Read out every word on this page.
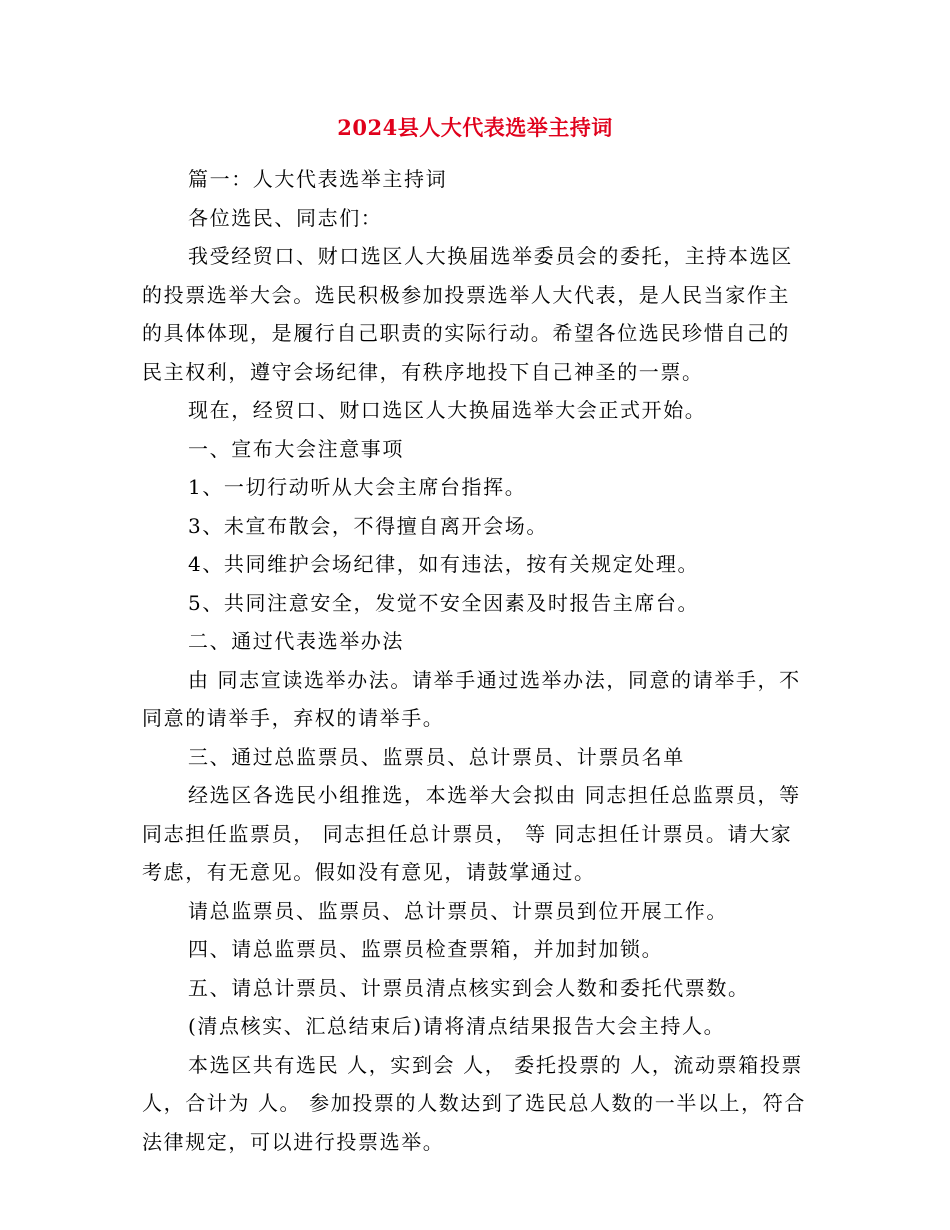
2024县人大代表选举主持词

篇一：人大代表选举主持词

各位选民、同志们：

我受经贸口、财口选区人大换届选举委员会的委托，主持本选区的投票选举大会。选民积极参加投票选举人大代表，是人民当家作主的具体体现，是履行自己职责的实际行动。希望各位选民珍惜自己的民主权利，遵守会场纪律，有秩序地投下自己神圣的一票。

现在，经贸口、财口选区人大换届选举大会正式开始。

一、宣布大会注意事项

1、一切行动听从大会主席台指挥。

3、未宣布散会，不得擅自离开会场。

4、共同维护会场纪律，如有违法，按有关规定处理。

5、共同注意安全，发觉不安全因素及时报告主席台。

二、通过代表选举办法

由 同志宣读选举办法。请举手通过选举办法，同意的请举手，不同意的请举手，弃权的请举手。

三、通过总监票员、监票员、总计票员、计票员名单

经选区各选民小组推选，本选举大会拟由 同志担任总监票员，等 同志担任监票员， 同志担任总计票员， 等 同志担任计票员。请大家考虑，有无意见。假如没有意见，请鼓掌通过。

请总监票员、监票员、总计票员、计票员到位开展工作。

四、请总监票员、监票员检查票箱，并加封加锁。

五、请总计票员、计票员清点核实到会人数和委托代票数。

(清点核实、汇总结束后)请将清点结果报告大会主持人。

本选区共有选民 人，实到会 人， 委托投票的 人，流动票箱投票 人，合计为 人。 参加投票的人数达到了选民总人数的一半以上，符合法律规定，可以进行投票选举。
